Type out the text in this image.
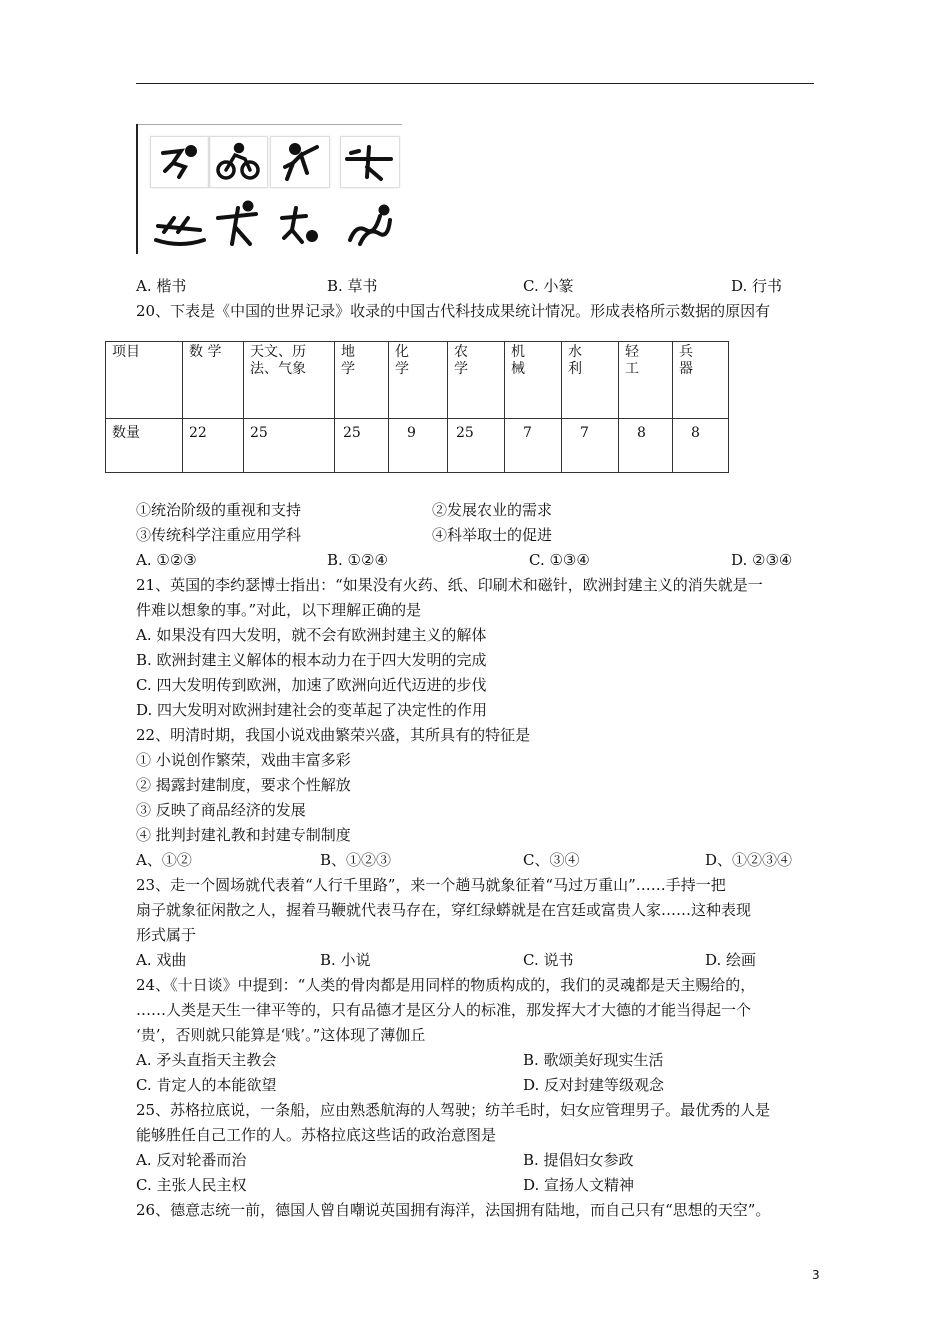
A. 楷书	B. 草书	C. 小篆	D. 行书
20、下表是《中国的世界记录》收录的中国古代科技成果统计情况。形成表格所示数据的原因有
项目	数 学	天文、历法、气象	地学	化学	农学	机械	水利	轻工	兵器

数量	22	25	25	9	25	7	7	8	8
①统治阶级的重视和支持	②发展农业的需求
③传统科学注重应用学科	④科举取士的促进
A. ①②③	B. ①②④	C. ①③④	D. ②③④
21、英国的李约瑟博士指出：“如果没有火药、纸、印刷术和磁针，欧洲封建主义的消失就是一
件难以想象的事。”对此，以下理解正确的是
A. 如果没有四大发明，就不会有欧洲封建主义的解体
B. 欧洲封建主义解体的根本动力在于四大发明的完成
C. 四大发明传到欧洲，加速了欧洲向近代迈进的步伐
D. 四大发明对欧洲封建社会的变革起了决定性的作用
22、明清时期，我国小说戏曲繁荣兴盛，其所具有的特征是
① 小说创作繁荣，戏曲丰富多彩
② 揭露封建制度，要求个性解放
③ 反映了商品经济的发展
④ 批判封建礼教和封建专制制度
A、①②	B、①②③	C、③④	D、①②③④
23、走一个圆场就代表着“人行千里路”，来一个趟马就象征着“马过万重山”……手持一把
扇子就象征闲散之人，握着马鞭就代表马存在，穿红绿蟒就是在宫廷或富贵人家……这种表现
形式属于
A. 戏曲	B. 小说	C. 说书	D. 绘画
24、《十日谈》中提到：“人类的骨肉都是用同样的物质构成的，我们的灵魂都是天主赐给的，
……人类是天生一律平等的，只有品德才是区分人的标准，那发挥大才大德的才能当得起一个
‘贵’，否则就只能算是‘贱’。”这体现了薄伽丘
A. 矛头直指天主教会	B. 歌颂美好现实生活
C. 肯定人的本能欲望	D. 反对封建等级观念
25、苏格拉底说，一条船，应由熟悉航海的人驾驶；纺羊毛时，妇女应管理男子。最优秀的人是
能够胜任自己工作的人。苏格拉底这些话的政治意图是
A. 反对轮番而治	B. 提倡妇女参政
C. 主张人民主权	D. 宣扬人文精神
26、德意志统一前，德国人曾自嘲说英国拥有海洋，法国拥有陆地，而自己只有“思想的天空”。
3
